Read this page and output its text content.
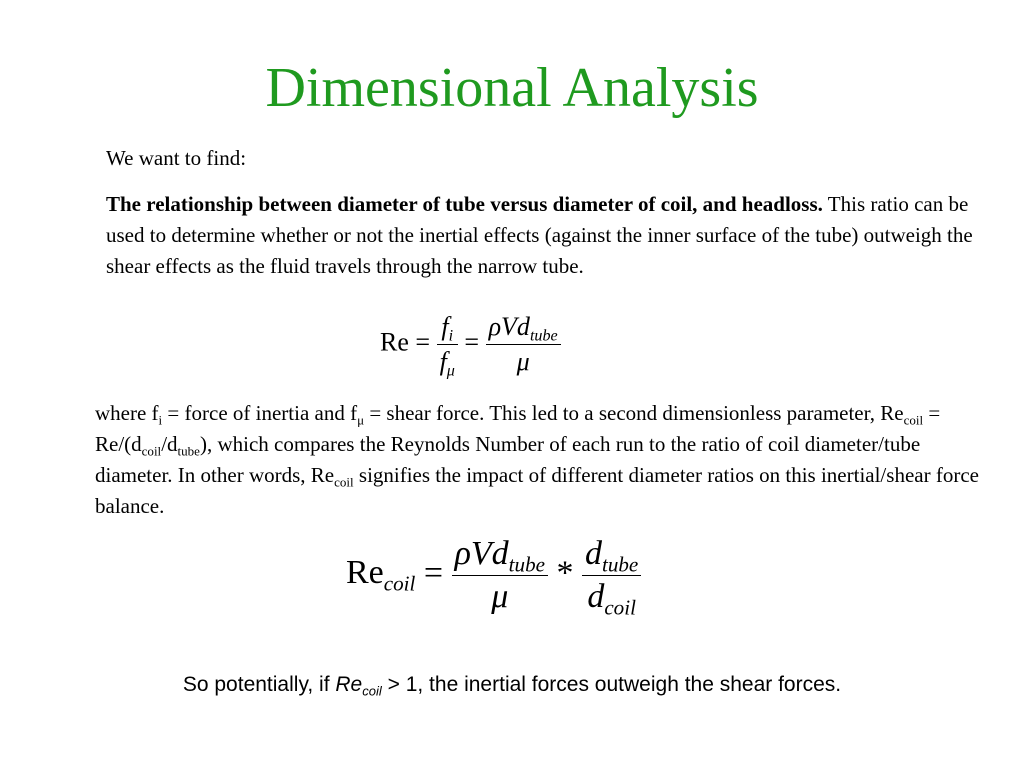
Dimensional Analysis

We want to find:

The relationship between diameter of tube versus diameter of coil, and headloss. This ratio can be used to determine whether or not the inertial effects (against the inner surface of the tube) outweigh the shear effects as the fluid travels through the narrow tube.

$Re = \frac{f_i}{f_\mu} = \frac{\rho Vd_{tube}}{\mu}$

where $f_i$ = force of inertia and $f_\mu$ = shear force. This led to a second dimensionless parameter, $Re_{coil} = Re/(d_{coil}/d_{tube})$, which compares the Reynolds Number of each run to the ratio of coil diameter/tube diameter. In other words, $Re_{coil}$ signifies the impact of different diameter ratios on this inertial/shear force balance.

$Re_{coil} = \frac{\rho Vd_{tube}}{\mu} * \frac{d_{tube}}{d_{coil}}$

So potentially, if $Re_{coil} > 1$, the inertial forces outweigh the shear forces.
